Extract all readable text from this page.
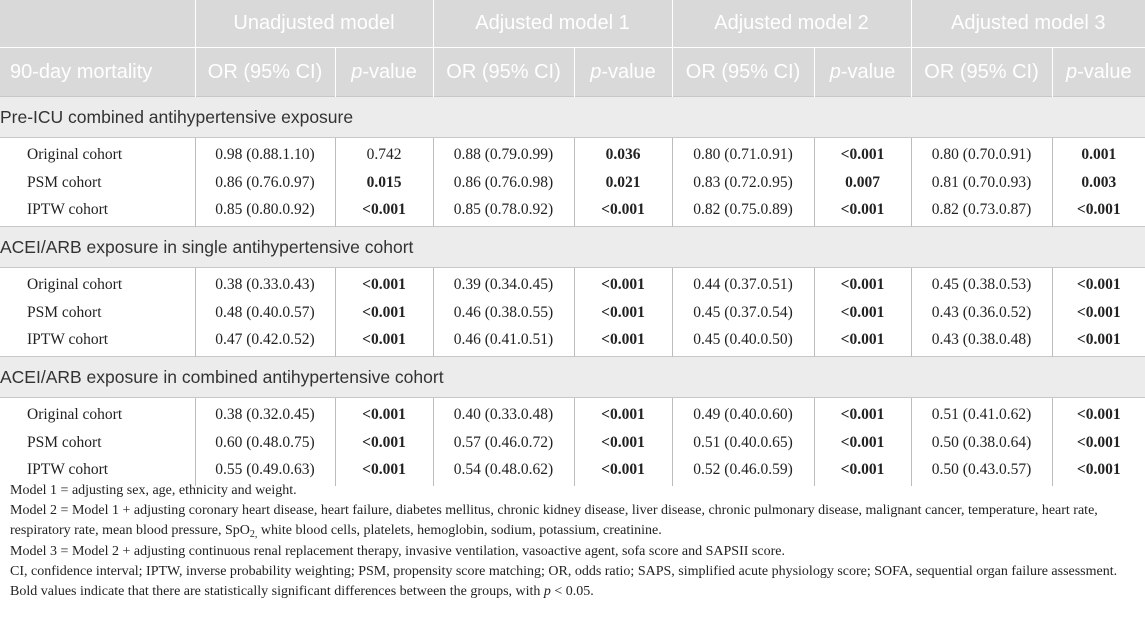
	Unadjusted model		Adjusted model 1		Adjusted model 2		Adjusted model 3	
90-day mortality	OR (95% CI)	p-value	OR (95% CI)	p-value	OR (95% CI)	p-value	OR (95% CI)	p-value
Pre-ICU combined antihypertensive exposure								
Original cohort	0.98 (0.88.1.10)	0.742	0.88 (0.79.0.99)	0.036	0.80 (0.71.0.91)	<0.001	0.80 (0.70.0.91)	0.001
PSM cohort	0.86 (0.76.0.97)	0.015	0.86 (0.76.0.98)	0.021	0.83 (0.72.0.95)	0.007	0.81 (0.70.0.93)	0.003
IPTW cohort	0.85 (0.80.0.92)	<0.001	0.85 (0.78.0.92)	<0.001	0.82 (0.75.0.89)	<0.001	0.82 (0.73.0.87)	<0.001
ACEI/ARB exposure in single antihypertensive cohort								
Original cohort	0.38 (0.33.0.43)	<0.001	0.39 (0.34.0.45)	<0.001	0.44 (0.37.0.51)	<0.001	0.45 (0.38.0.53)	<0.001
PSM cohort	0.48 (0.40.0.57)	<0.001	0.46 (0.38.0.55)	<0.001	0.45 (0.37.0.54)	<0.001	0.43 (0.36.0.52)	<0.001
IPTW cohort	0.47 (0.42.0.52)	<0.001	0.46 (0.41.0.51)	<0.001	0.45 (0.40.0.50)	<0.001	0.43 (0.38.0.48)	<0.001
ACEI/ARB exposure in combined antihypertensive cohort								
Original cohort	0.38 (0.32.0.45)	<0.001	0.40 (0.33.0.48)	<0.001	0.49 (0.40.0.60)	<0.001	0.51 (0.41.0.62)	<0.001
PSM cohort	0.60 (0.48.0.75)	<0.001	0.57 (0.46.0.72)	<0.001	0.51 (0.40.0.65)	<0.001	0.50 (0.38.0.64)	<0.001
IPTW cohort	0.55 (0.49.0.63)	<0.001	0.54 (0.48.0.62)	<0.001	0.52 (0.46.0.59)	<0.001	0.50 (0.43.0.57)	<0.001

Model 1 = adjusting sex, age, ethnicity and weight.

Model 2 = Model 1 + adjusting coronary heart disease, heart failure, diabetes mellitus, chronic kidney disease, liver disease, chronic pulmonary disease, malignant cancer, temperature, heart rate, respiratory rate, mean blood pressure, SpO$_{2,}$ white blood cells, platelets, hemoglobin, sodium, potassium, creatinine.

Model 3 = Model 2 + adjusting continuous renal replacement therapy, invasive ventilation, vasoactive agent, sofa score and SAPSII score.

CI, confidence interval; IPTW, inverse probability weighting; PSM, propensity score matching; OR, odds ratio; SAPS, simplified acute physiology score; SOFA, sequential organ failure assessment.

Bold values indicate that there are statistically significant differences between the groups, with p < 0.05.
